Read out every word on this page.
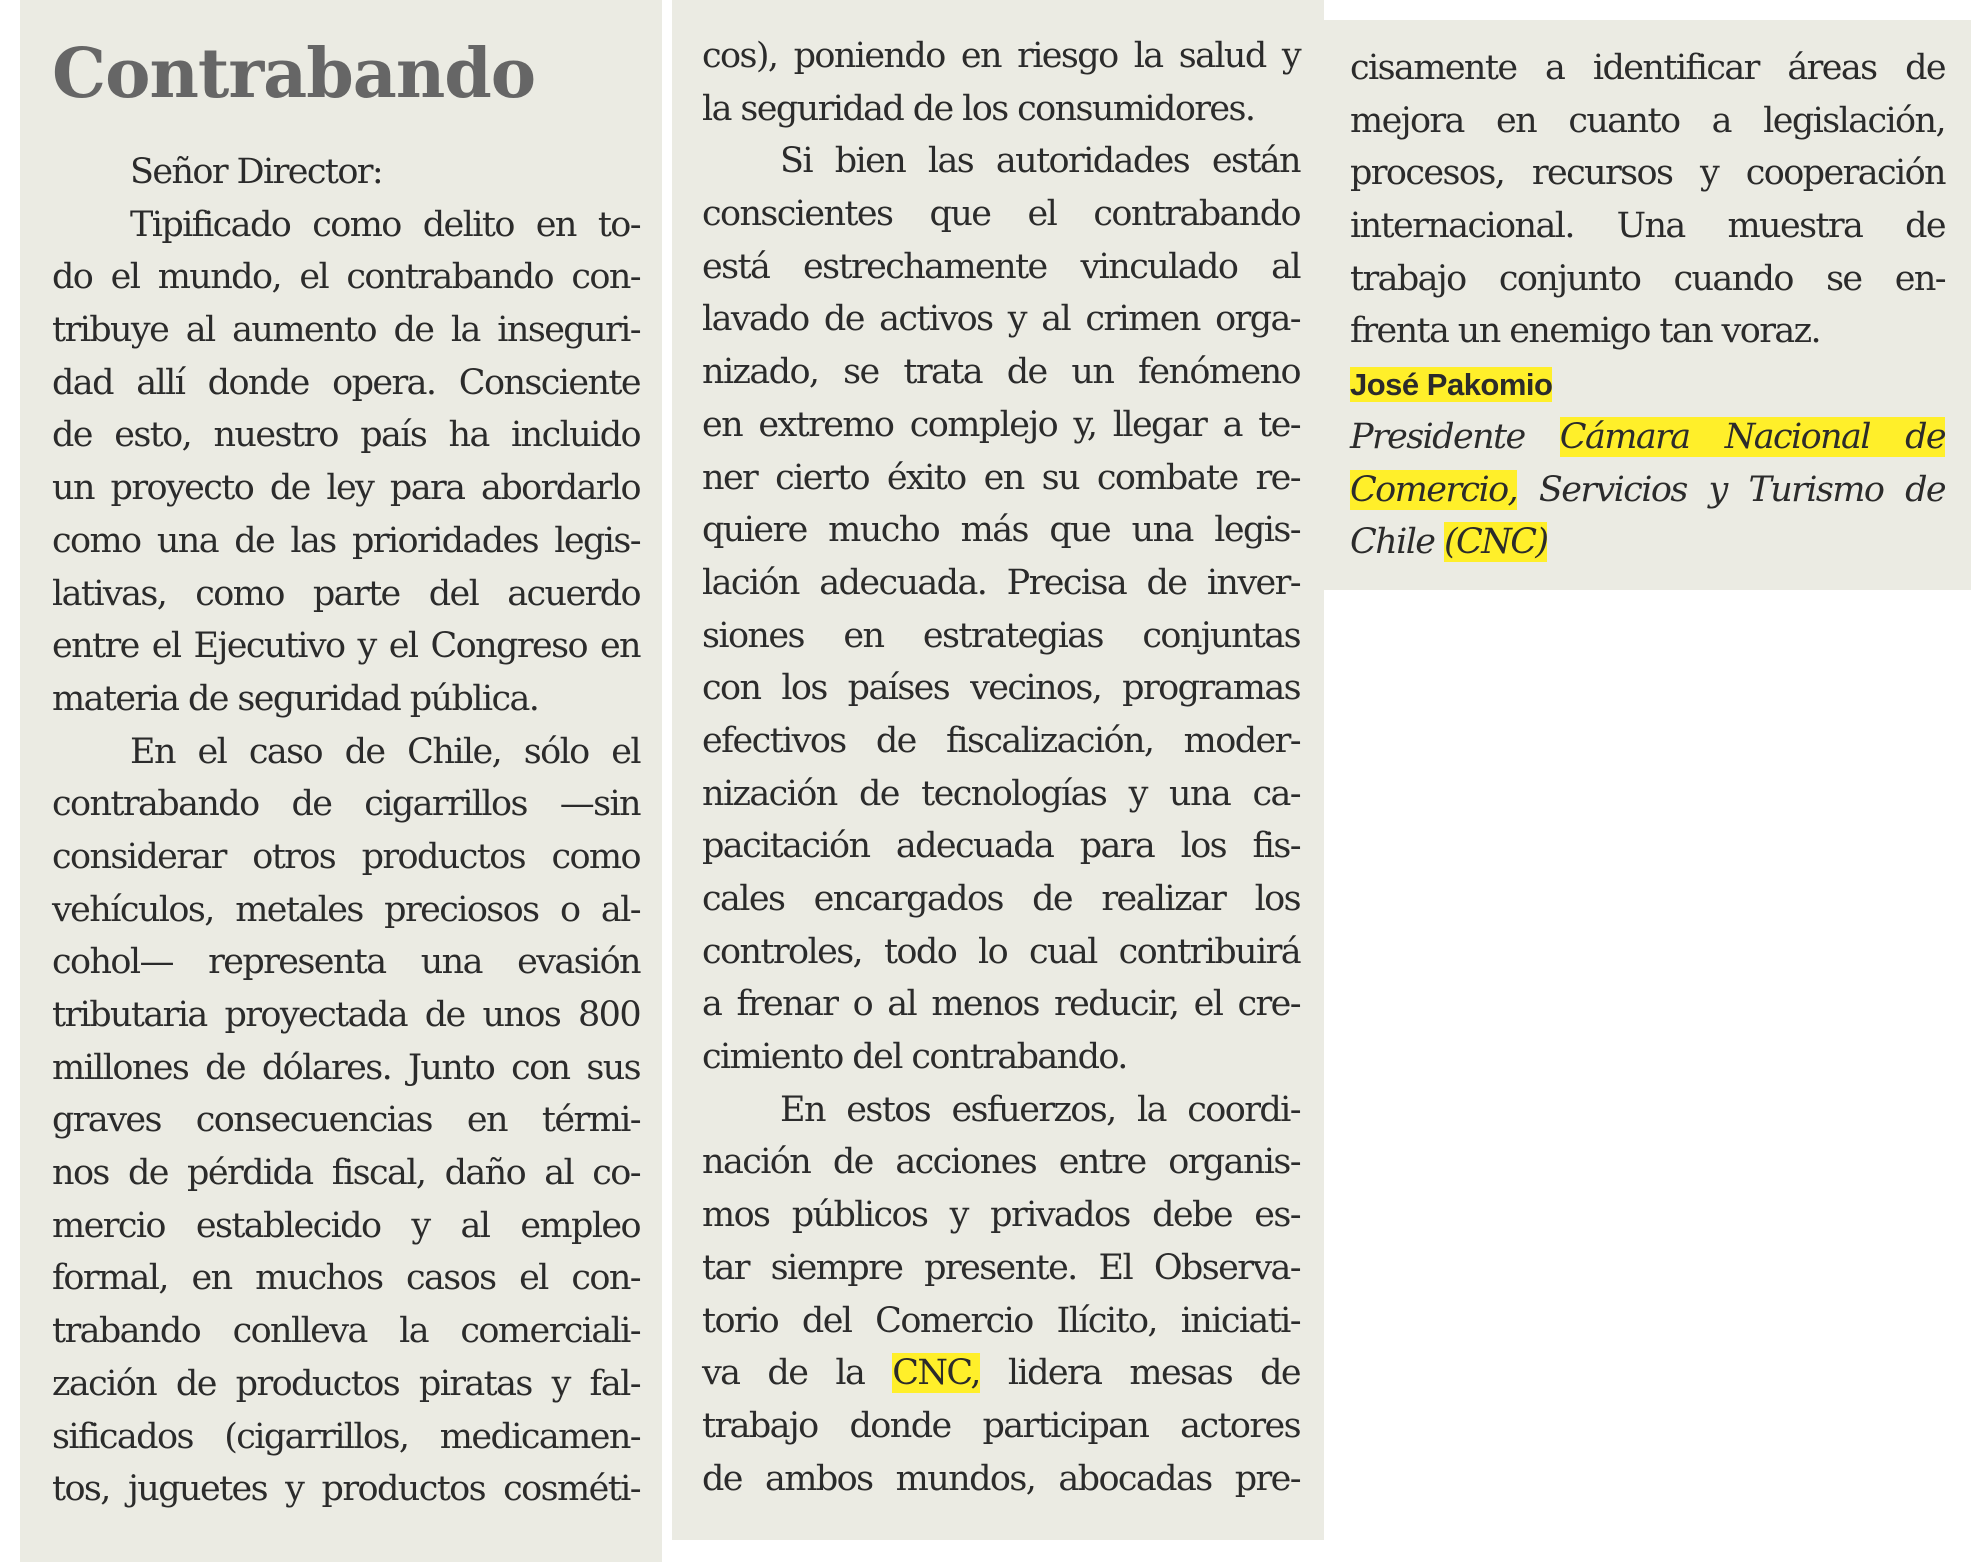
Contrabando
Señor Director:
Tipificado como delito en to-
do el mundo, el contrabando con-
tribuye al aumento de la inseguri-
dad allí donde opera. Consciente
de esto, nuestro país ha incluido
un proyecto de ley para abordarlo
como una de las prioridades legis-
lativas, como parte del acuerdo
entre el Ejecutivo y el Congreso en
materia de seguridad pública.
En el caso de Chile, sólo el
contrabando de cigarrillos —sin
considerar otros productos como
vehículos, metales preciosos o al-
cohol— representa una evasión
tributaria proyectada de unos 800
millones de dólares. Junto con sus
graves consecuencias en térmi-
nos de pérdida fiscal, daño al co-
mercio establecido y al empleo
formal, en muchos casos el con-
trabando conlleva la comerciali-
zación de productos piratas y fal-
sificados (cigarrillos, medicamen-
tos, juguetes y productos cosméti-
cos), poniendo en riesgo la salud y
la seguridad de los consumidores.
Si bien las autoridades están
conscientes que el contrabando
está estrechamente vinculado al
lavado de activos y al crimen orga-
nizado, se trata de un fenómeno
en extremo complejo y, llegar a te-
ner cierto éxito en su combate re-
quiere mucho más que una legis-
lación adecuada. Precisa de inver-
siones en estrategias conjuntas
con los países vecinos, programas
efectivos de fiscalización, moder-
nización de tecnologías y una ca-
pacitación adecuada para los fis-
cales encargados de realizar los
controles, todo lo cual contribuirá
a frenar o al menos reducir, el cre-
cimiento del contrabando.
En estos esfuerzos, la coordi-
nación de acciones entre organis-
mos públicos y privados debe es-
tar siempre presente. El Observa-
torio del Comercio Ilícito, iniciati-
va de la CNC, lidera mesas de
trabajo donde participan actores
de ambos mundos, abocadas pre-
cisamente a identificar áreas de
mejora en cuanto a legislación,
procesos, recursos y cooperación
internacional. Una muestra de
trabajo conjunto cuando se en-
frenta un enemigo tan voraz.
José Pakomio
Presidente Cámara Nacional de
Comercio, Servicios y Turismo de
Chile (CNC)
